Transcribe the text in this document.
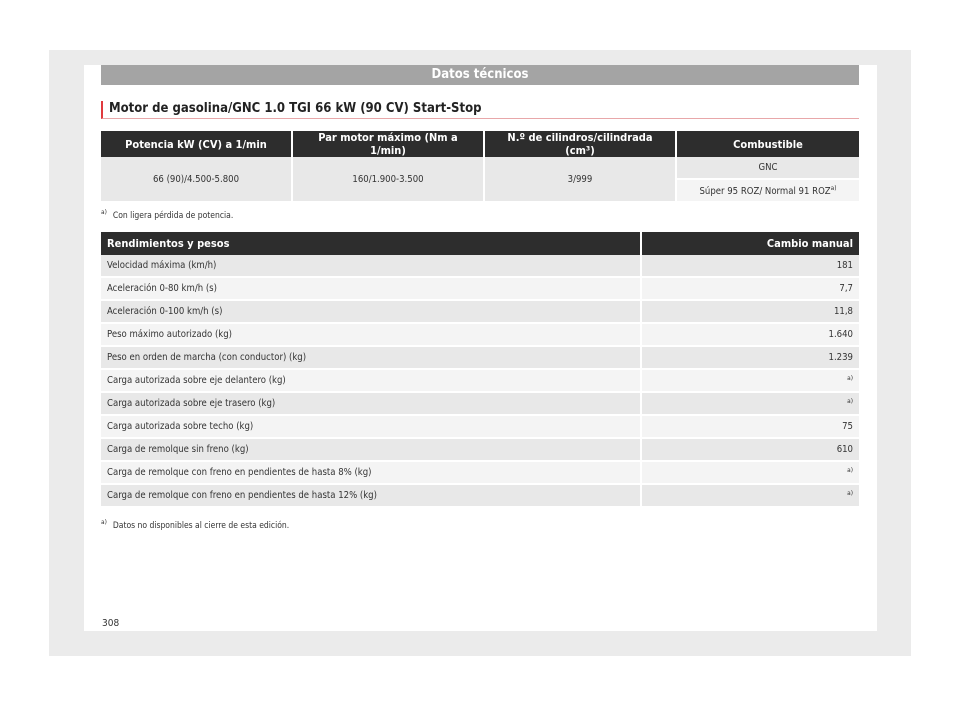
Datos técnicos
Motor de gasolina/GNC 1.0 TGI 66 kW (90 CV) Start-Stop
Potencia kW (CV) a 1/min	Par motor máximo (Nm a 1/min)	N.º de cilindros/cilindrada (cm³)	Combustible
66 (90)/4.500-5.800	160/1.900-3.500	3/999	GNC
			Súper 95 ROZ/ Normal 91 ROZ$^{a)}$
$^{a)}$ Con ligera pérdida de potencia.
Rendimientos y pesos	Cambio manual
Velocidad máxima (km/h)	181
Aceleración 0-80 km/h (s)	7,7
Aceleración 0-100 km/h (s)	11,8
Peso máximo autorizado (kg)	1.640
Peso en orden de marcha (con conductor) (kg)	1.239
Carga autorizada sobre eje delantero (kg)	$^{a)}$
Carga autorizada sobre eje trasero (kg)	$^{a)}$
Carga autorizada sobre techo (kg)	75
Carga de remolque sin freno (kg)	610
Carga de remolque con freno en pendientes de hasta 8% (kg)	$^{a)}$
Carga de remolque con freno en pendientes de hasta 12% (kg)	$^{a)}$
$^{a)}$ Datos no disponibles al cierre de esta edición.
308
